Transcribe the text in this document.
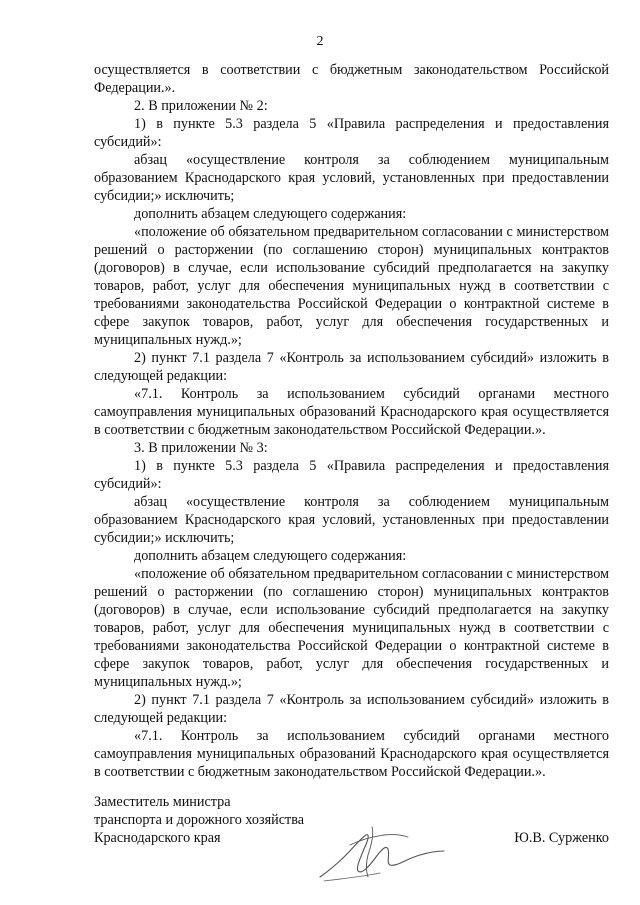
2

осуществляется в соответствии с бюджетным законодательством Российской Федерации.».

2. В приложении № 2:

1) в пункте 5.3 раздела 5 «Правила распределения и предоставления субсидий»:

абзац «осуществление контроля за соблюдением муниципальным образованием Краснодарского края условий, установленных при предоставлении субсидии;» исключить;

дополнить абзацем следующего содержания:

«положение об обязательном предварительном согласовании с министерством решений о расторжении (по соглашению сторон) муниципальных контрактов (договоров) в случае, если использование субсидий предполагается на закупку товаров, работ, услуг для обеспечения муниципальных нужд в соответствии с требованиями законодательства Российской Федерации о контрактной системе в сфере закупок товаров, работ, услуг для обеспечения государственных и муниципальных нужд.»;

2) пункт 7.1 раздела 7 «Контроль за использованием субсидий» изложить в следующей редакции:

«7.1. Контроль за использованием субсидий органами местного самоуправления муниципальных образований Краснодарского края осуществляется в соответствии с бюджетным законодательством Российской Федерации.».

3. В приложении № 3:

1) в пункте 5.3 раздела 5 «Правила распределения и предоставления субсидий»:

абзац «осуществление контроля за соблюдением муниципальным образованием Краснодарского края условий, установленных при предоставлении субсидии;» исключить;

дополнить абзацем следующего содержания:

«положение об обязательном предварительном согласовании с министерством решений о расторжении (по соглашению сторон) муниципальных контрактов (договоров) в случае, если использование субсидий предполагается на закупку товаров, работ, услуг для обеспечения муниципальных нужд в соответствии с требованиями законодательства Российской Федерации о контрактной системе в сфере закупок товаров, работ, услуг для обеспечения государственных и муниципальных нужд.»;

2) пункт 7.1 раздела 7 «Контроль за использованием субсидий» изложить в следующей редакции:

«7.1. Контроль за использованием субсидий органами местного самоуправления муниципальных образований Краснодарского края осуществляется в соответствии с бюджетным законодательством Российской Федерации.».

Заместитель министра
транспорта и дорожного хозяйства
Краснодарского края	Ю.В. Сурженко
